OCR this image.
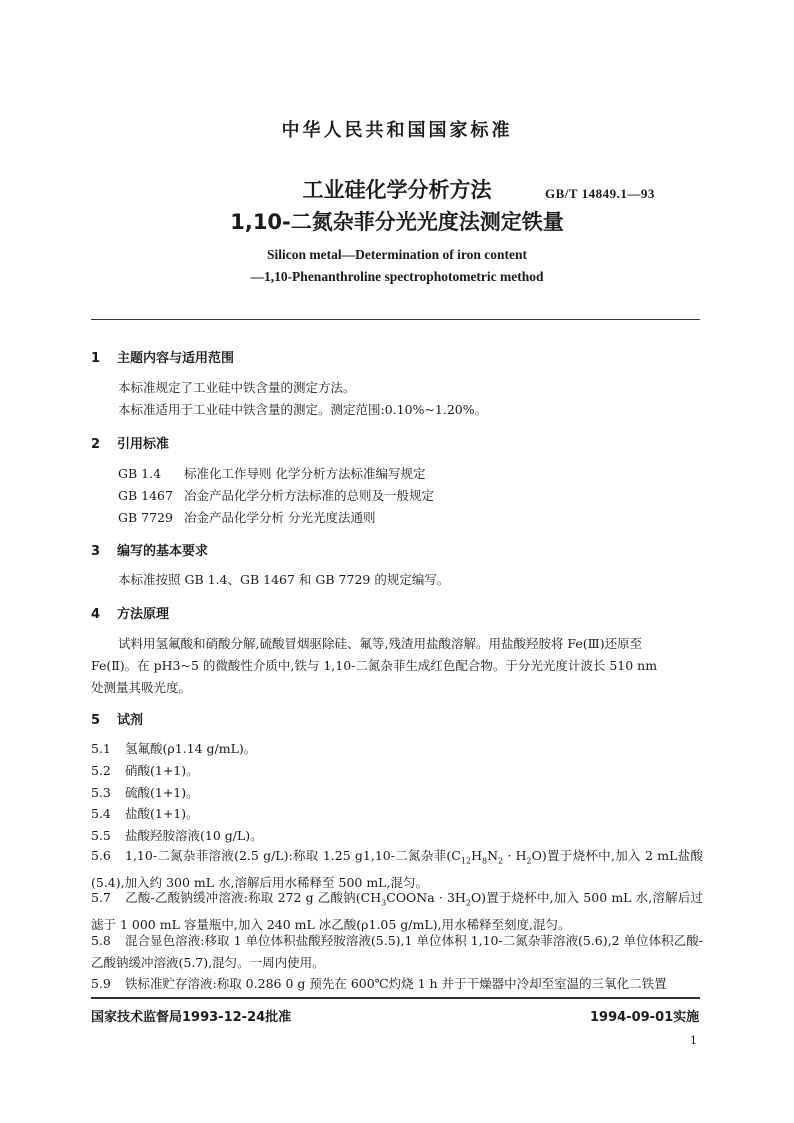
中华人民共和国国家标准
工业硅化学分析方法
1,10-二氮杂菲分光光度法测定铁量
GB/T 14849.1—93
Silicon metal—Determination of iron content
—1,10-Phenanthroline spectrophotometric method
1 主题内容与适用范围
本标准规定了工业硅中铁含量的测定方法。
本标准适用于工业硅中铁含量的测定。测定范围:0.10%~1.20%。
2 引用标准
GB 1.4 标准化工作导则 化学分析方法标准编写规定
GB 1467 冶金产品化学分析方法标准的总则及一般规定
GB 7729 冶金产品化学分析 分光光度法通则
3 编写的基本要求
本标准按照 GB 1.4、GB 1467 和 GB 7729 的规定编写。
4 方法原理
试料用氢氟酸和硝酸分解,硫酸冒烟驱除硅、氟等,残渣用盐酸溶解。用盐酸羟胺将 Fe(Ⅲ)还原至
Fe(Ⅱ)。在 pH3~5 的微酸性介质中,铁与 1,10-二氮杂菲生成红色配合物。于分光光度计波长 510 nm
处测量其吸光度。
5 试剂
5.1 氢氟酸(ρ1.14 g/mL)。
5.2 硝酸(1+1)。
5.3 硫酸(1+1)。
5.4 盐酸(1+1)。
5.5 盐酸羟胺溶液(10 g/L)。
5.6 1,10-二氮杂菲溶液(2.5 g/L):称取 1.25 g1,10-二氮杂菲$(C_{12}H_8N_2 \cdot H_2O)$置于烧杯中,加入 2 mL盐酸(5.4),加入约 300 mL 水,溶解后用水稀释至 500 mL,混匀。
5.7 乙酸-乙酸钠缓冲溶液:称取 272 g 乙酸钠$(CH_3COONa \cdot 3H_2O)$置于烧杯中,加入 500 mL 水,溶解后过滤于 1 000 mL 容量瓶中,加入 240 mL 冰乙酸(ρ1.05 g/mL),用水稀释至刻度,混匀。
5.8 混合显色溶液:移取 1 单位体积盐酸羟胺溶液(5.5),1 单位体积 1,10-二氮杂菲溶液(5.6),2 单位体积乙酸-乙酸钠缓冲溶液(5.7),混匀。一周内使用。
5.9 铁标准贮存溶液:称取 0.286 0 g 预先在 600℃灼烧 1 h 并于干燥器中冷却至室温的三氧化二铁置
国家技术监督局1993-12-24批准	1994-09-01实施
1
